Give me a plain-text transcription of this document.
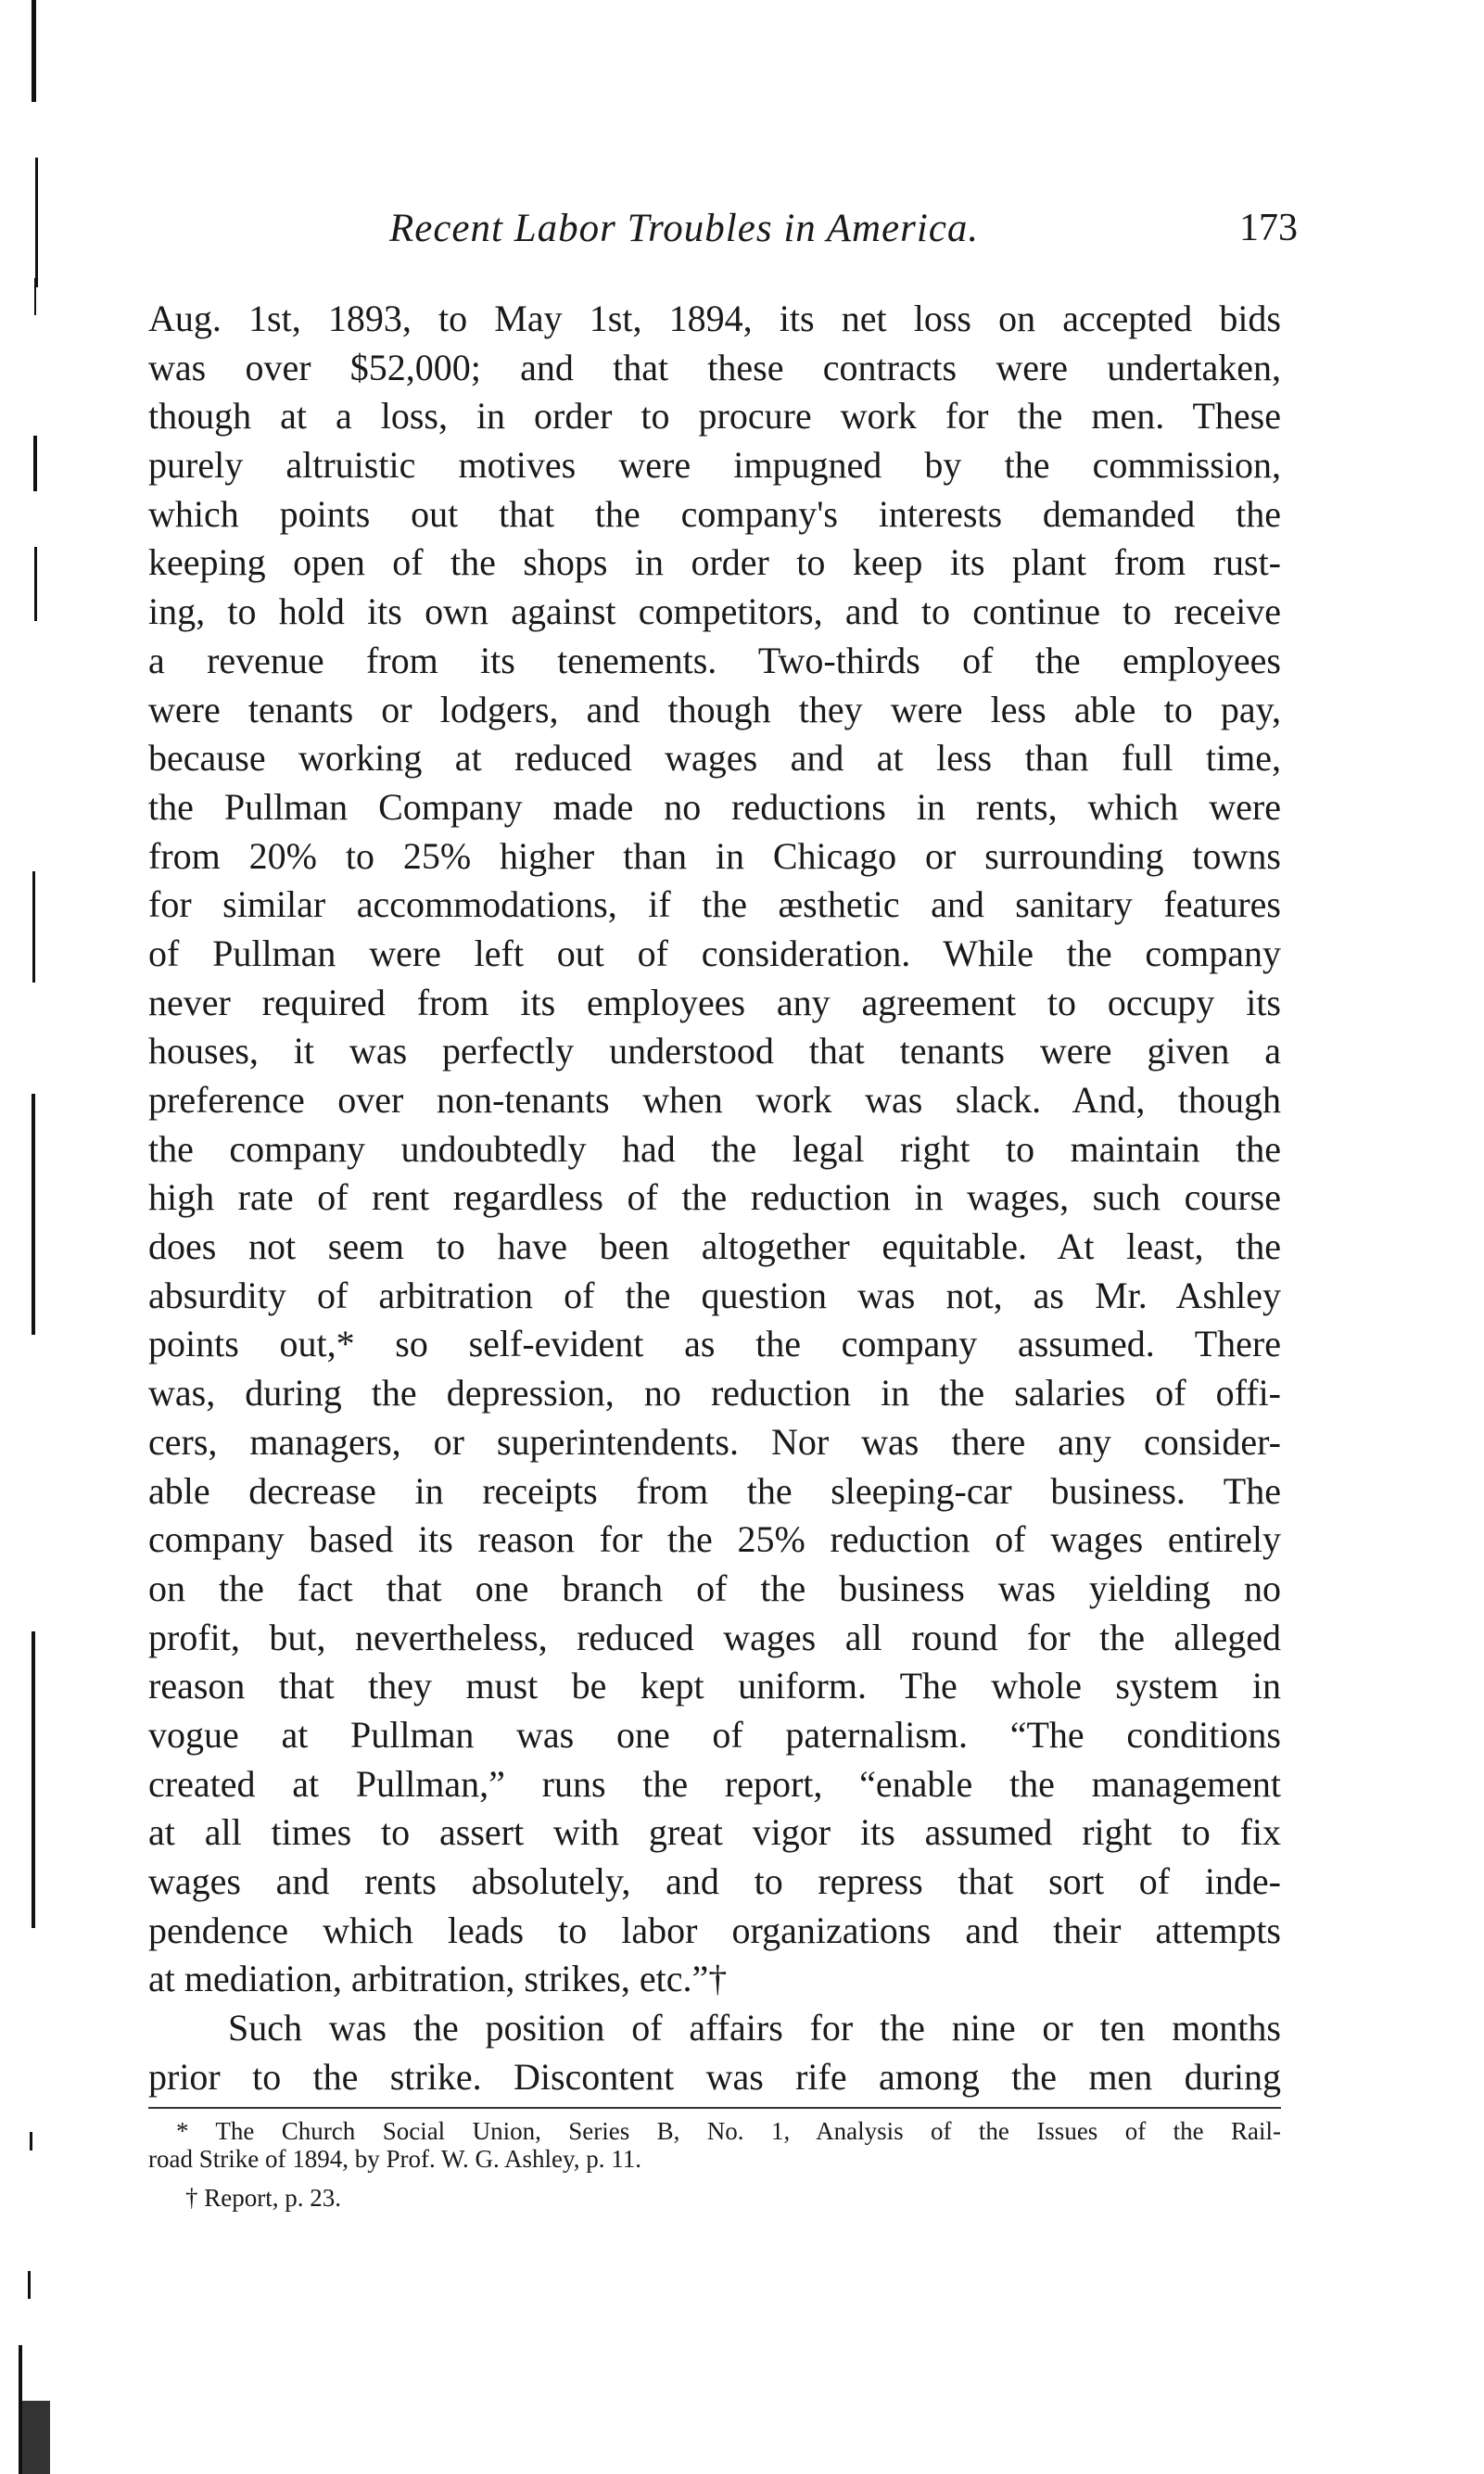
Recent Labor Troubles in America.	173
Aug. 1st, 1893, to May 1st, 1894, its net loss on accepted bids
was over $52,000; and that these contracts were undertaken,
though at a loss, in order to procure work for the men. These
purely altruistic motives were impugned by the commission,
which points out that the company's interests demanded the
keeping open of the shops in order to keep its plant from rust-
ing, to hold its own against competitors, and to continue to receive
a revenue from its tenements. Two-thirds of the employees
were tenants or lodgers, and though they were less able to pay,
because working at reduced wages and at less than full time,
the Pullman Company made no reductions in rents, which were
from 20% to 25% higher than in Chicago or surrounding towns
for similar accommodations, if the æsthetic and sanitary features
of Pullman were left out of consideration. While the company
never required from its employees any agreement to occupy its
houses, it was perfectly understood that tenants were given a
preference over non-tenants when work was slack. And, though
the company undoubtedly had the legal right to maintain the
high rate of rent regardless of the reduction in wages, such course
does not seem to have been altogether equitable. At least, the
absurdity of arbitration of the question was not, as Mr. Ashley
points out,* so self-evident as the company assumed. There
was, during the depression, no reduction in the salaries of offi-
cers, managers, or superintendents. Nor was there any consider-
able decrease in receipts from the sleeping-car business. The
company based its reason for the 25% reduction of wages entirely
on the fact that one branch of the business was yielding no
profit, but, nevertheless, reduced wages all round for the alleged
reason that they must be kept uniform. The whole system in
vogue at Pullman was one of paternalism. “The conditions
created at Pullman,” runs the report, “enable the management
at all times to assert with great vigor its assumed right to fix
wages and rents absolutely, and to repress that sort of inde-
pendence which leads to labor organizations and their attempts
at mediation, arbitration, strikes, etc.”†
Such was the position of affairs for the nine or ten months
prior to the strike. Discontent was rife among the men during
* The Church Social Union, Series B, No. 1, Analysis of the Issues of the Rail-
road Strike of 1894, by Prof. W. G. Ashley, p. 11.
† Report, p. 23.
